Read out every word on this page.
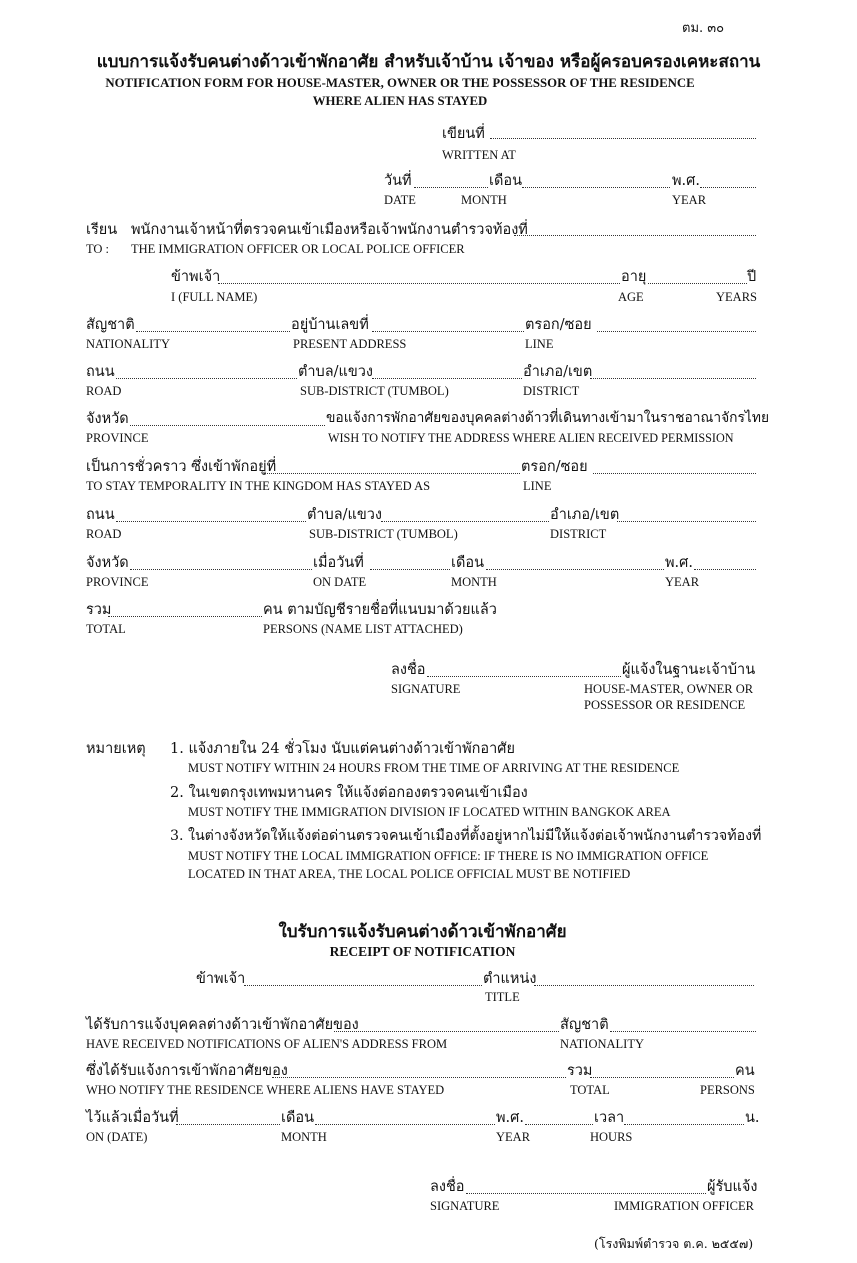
ตม. ๓๐
แบบการแจ้งรับคนต่างด้าวเข้าพักอาศัย สำหรับเจ้าบ้าน เจ้าของ หรือผู้ครอบครองเคหะสถาน
NOTIFICATION FORM FOR HOUSE-MASTER, OWNER OR THE POSSESSOR OF THE RESIDENCE
WHERE ALIEN HAS STAYED
เขียนที่
WRITTEN AT
วันที่	เดือน	พ.ศ.
DATE	MONTH	YEAR
เรียน พนักงานเจ้าหน้าที่ตรวจคนเข้าเมืองหรือเจ้าพนักงานตำรวจท้องที่
TO : THE IMMIGRATION OFFICER OR LOCAL POLICE OFFICER
ข้าพเจ้า	อายุ	ปี
I (FULL NAME)	AGE	YEARS
สัญชาติ	อยู่บ้านเลขที่	ตรอก/ซอย
NATIONALITY	PRESENT ADDRESS	LINE
ถนน	ตำบล/แขวง	อำเภอ/เขต
ROAD	SUB-DISTRICT (TUMBOL)	DISTRICT
จังหวัด	ขอแจ้งการพักอาศัยของบุคคลต่างด้าวที่เดินทางเข้ามาในราชอาณาจักรไทย
PROVINCE	WISH TO NOTIFY THE ADDRESS WHERE ALIEN RECEIVED PERMISSION
เป็นการชั่วคราว ซึ่งเข้าพักอยู่ที่	ตรอก/ซอย
TO STAY TEMPORALITY IN THE KINGDOM HAS STAYED AS	LINE
ถนน	ตำบล/แขวง	อำเภอ/เขต
ROAD	SUB-DISTRICT (TUMBOL)	DISTRICT
จังหวัด	เมื่อวันที่	เดือน	พ.ศ.
PROVINCE	ON DATE	MONTH	YEAR
รวม	คน ตามบัญชีรายชื่อที่แนบมาด้วยแล้ว
TOTAL	PERSONS (NAME LIST ATTACHED)
ลงชื่อ	ผู้แจ้งในฐานะเจ้าบ้าน
SIGNATURE	HOUSE-MASTER, OWNER OR
POSSESSOR OR RESIDENCE
หมายเหตุ 1. แจ้งภายใน 24 ชั่วโมง นับแต่คนต่างด้าวเข้าพักอาศัย
MUST NOTIFY WITHIN 24 HOURS FROM THE TIME OF ARRIVING AT THE RESIDENCE
2. ในเขตกรุงเทพมหานคร ให้แจ้งต่อกองตรวจคนเข้าเมือง
MUST NOTIFY THE IMMIGRATION DIVISION IF LOCATED WITHIN BANGKOK AREA
3. ในต่างจังหวัดให้แจ้งต่อด่านตรวจคนเข้าเมืองที่ตั้งอยู่หากไม่มีให้แจ้งต่อเจ้าพนักงานตำรวจท้องที่
MUST NOTIFY THE LOCAL IMMIGRATION OFFICE: IF THERE IS NO IMMIGRATION OFFICE
LOCATED IN THAT AREA, THE LOCAL POLICE OFFICIAL MUST BE NOTIFIED
ใบรับการแจ้งรับคนต่างด้าวเข้าพักอาศัย
RECEIPT OF NOTIFICATION
ข้าพเจ้า	ตำแหน่ง
TITLE
ได้รับการแจ้งบุคคลต่างด้าวเข้าพักอาศัยของ	สัญชาติ
HAVE RECEIVED NOTIFICATIONS OF ALIEN'S ADDRESS FROM	NATIONALITY
ซึ่งได้รับแจ้งการเข้าพักอาศัยของ	รวม	คน
WHO NOTIFY THE RESIDENCE WHERE ALIENS HAVE STAYED	TOTAL	PERSONS
ไว้แล้วเมื่อวันที่	เดือน	พ.ศ.	เวลา	น.
ON (DATE)	MONTH	YEAR	HOURS
ลงชื่อ	ผู้รับแจ้ง
SIGNATURE	IMMIGRATION OFFICER
(โรงพิมพ์ตำรวจ ต.ค. ๒๕๕๗)
